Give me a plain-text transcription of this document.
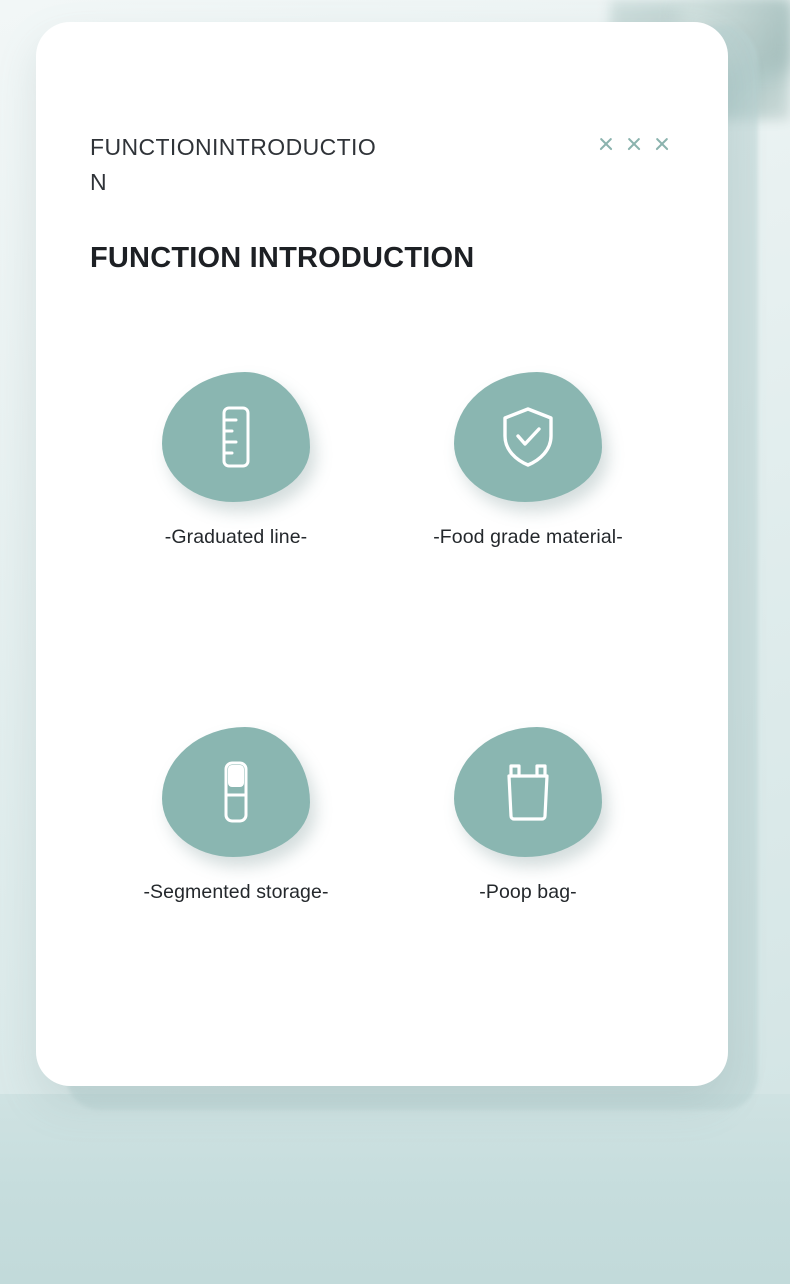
FUNCTIONINTRODUCTION
FUNCTION INTRODUCTION
-Graduated line-	-Food grade material-
-Segmented storage-	-Poop bag-
